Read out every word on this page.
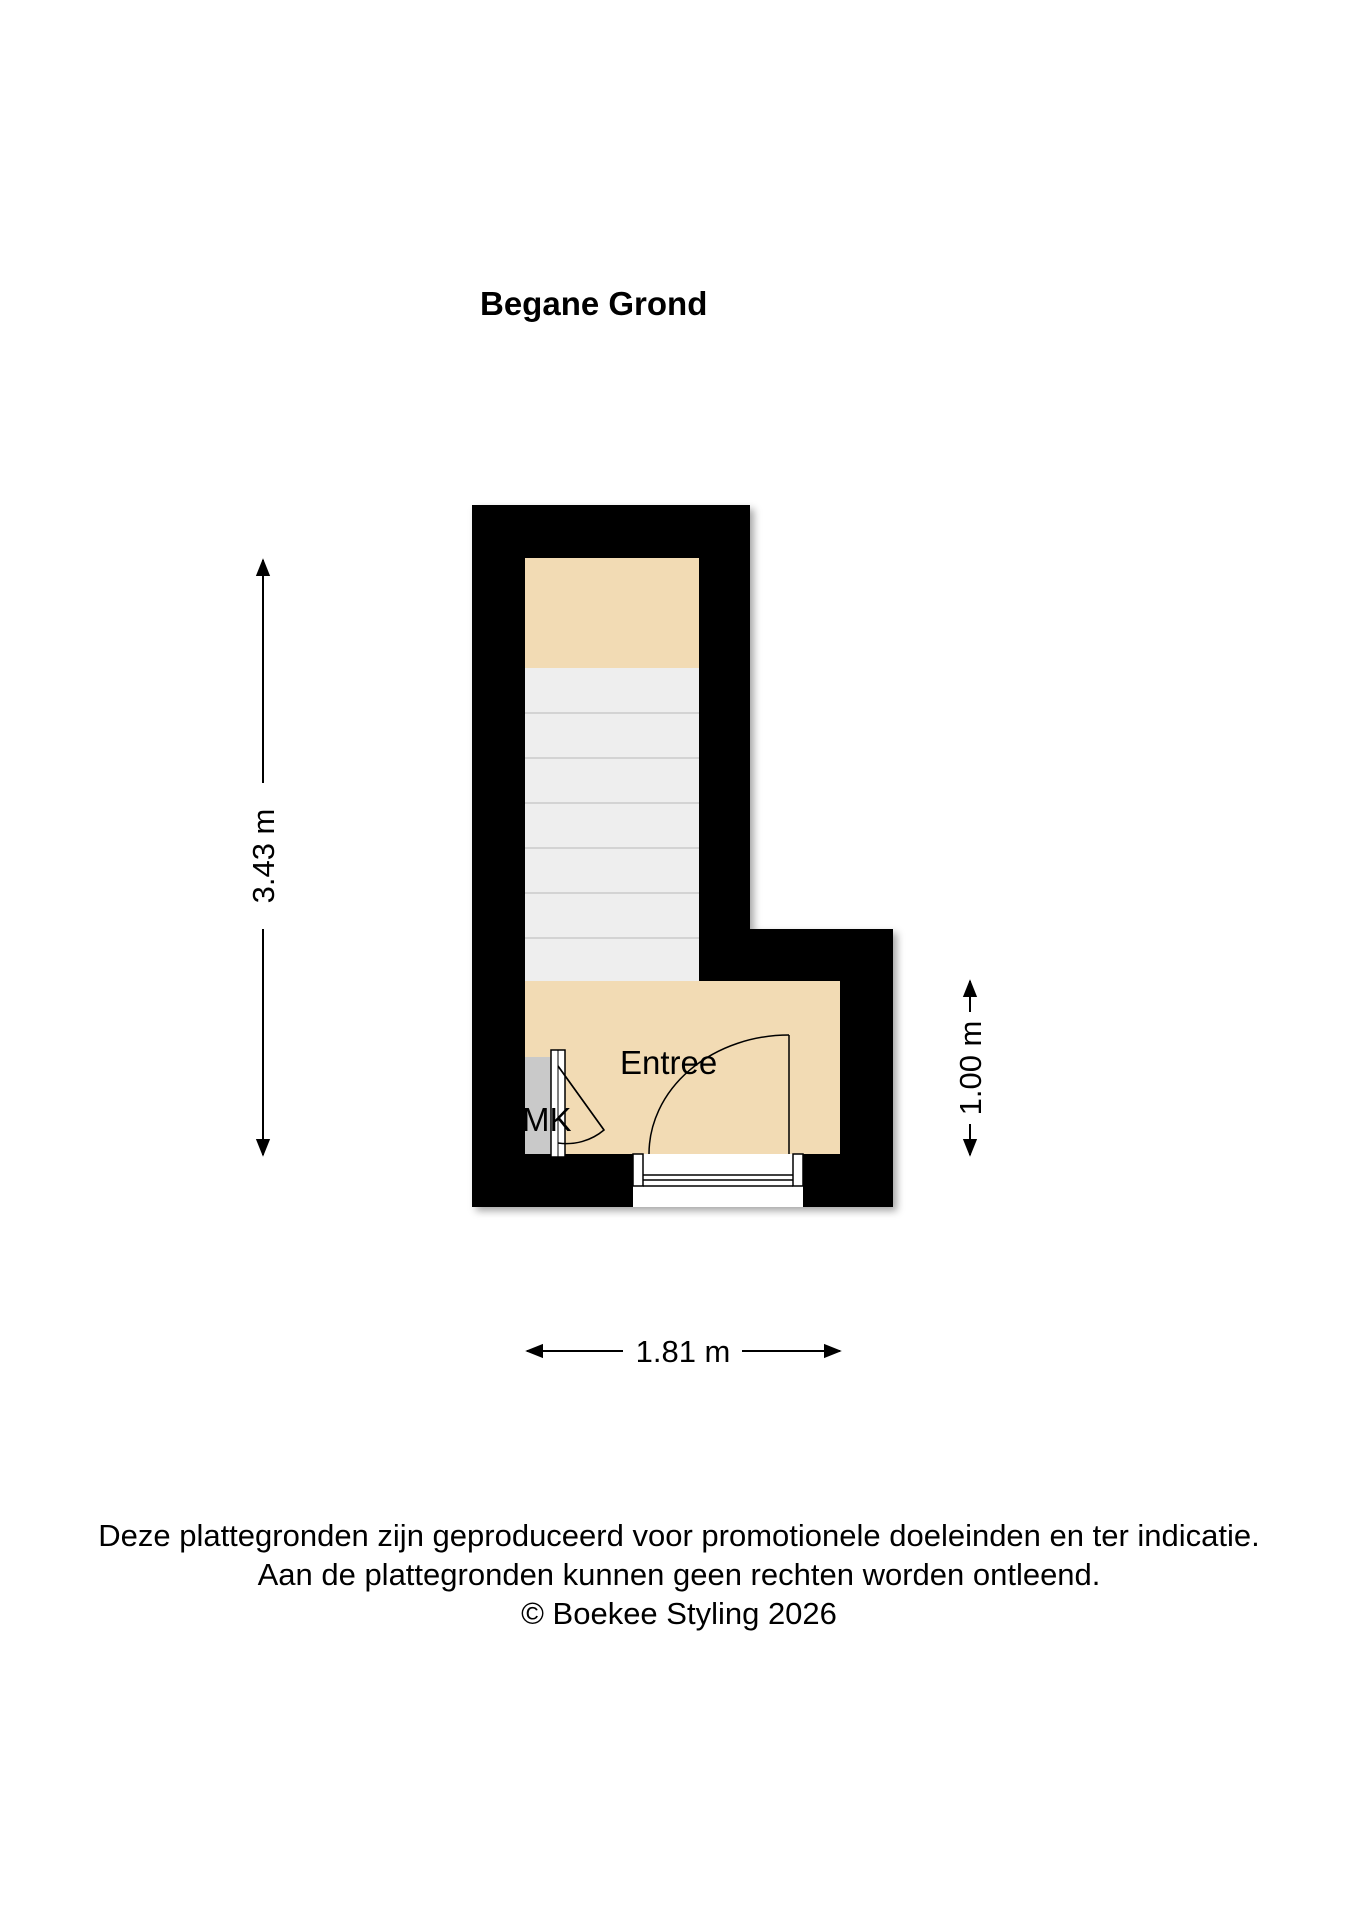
Begane Grond
Entree
MK
3.43 m
1.00 m
1.81 m
Deze plattegronden zijn geproduceerd voor promotionele doeleinden en ter indicatie.
Aan de plattegronden kunnen geen rechten worden ontleend.
© Boekee Styling 2026
